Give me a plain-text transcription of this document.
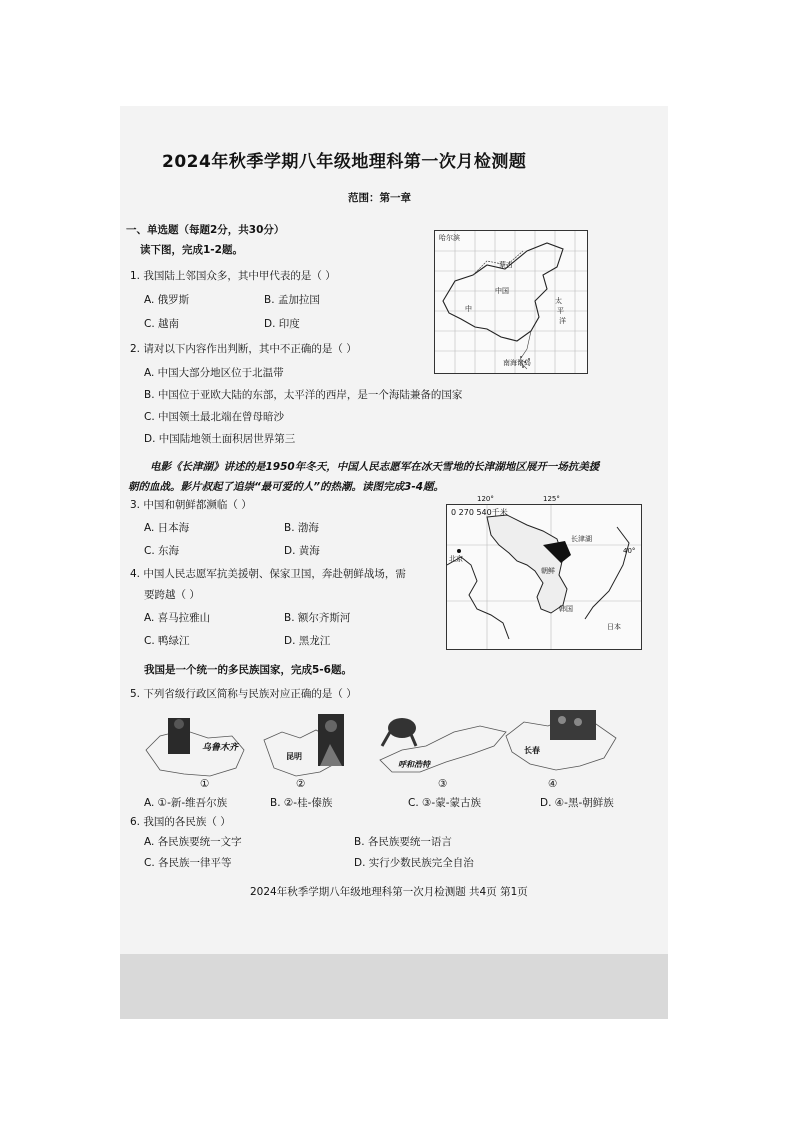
2024年秋季学期八年级地理科第一次月检测题
范围：第一章
一、单选题（每题2分，共30分）
读下图，完成1-2题。
哈尔滨
蒙古
中国
中
太
平
洋
南海诸岛
1. 我国陆上邻国众多，其中甲代表的是（ ）
A. 俄罗斯	B. 孟加拉国
C. 越南	D. 印度
2. 请对以下内容作出判断，其中不正确的是（ ）
A. 中国大部分地区位于北温带
B. 中国位于亚欧大陆的东部，太平洋的西岸，是一个海陆兼备的国家
C. 中国领土最北端在曾母暗沙
D. 中国陆地领土面积居世界第三
电影《长津湖》讲述的是1950年冬天，中国人民志愿军在冰天雪地的长津湖地区展开一场抗美援
朝的血战。影片叔起了追崇“最可爱的人”的热潮。读图完成3-4题。
0 270 540千米
120°	125°
40°
北京
长津湖
朝鲜
韩国
日本
3. 中国和朝鲜都濒临（ ）
A. 日本海	B. 渤海
C. 东海	D. 黄海
4. 中国人民志愿军抗美援朝、保家卫国，奔赴朝鲜战场，需
要跨越（ ）
A. 喜马拉雅山	B. 额尔齐斯河
C. 鸭绿江	D. 黑龙江
我国是一个统一的多民族国家，完成5-6题。
5. 下列省级行政区简称与民族对应正确的是（ ）
乌鲁木齐
①
昆明
②
呼和浩特
③
长春
④
A. ①-新-维吾尔族	B. ②-桂-傣族	C. ③-蒙-蒙古族	D. ④-黑-朝鲜族
6. 我国的各民族（ ）
A. 各民族要统一文字	B. 各民族要统一语言
C. 各民族一律平等	D. 实行少数民族完全自治
2024年秋季学期八年级地理科第一次月检测题 共4页 第1页
